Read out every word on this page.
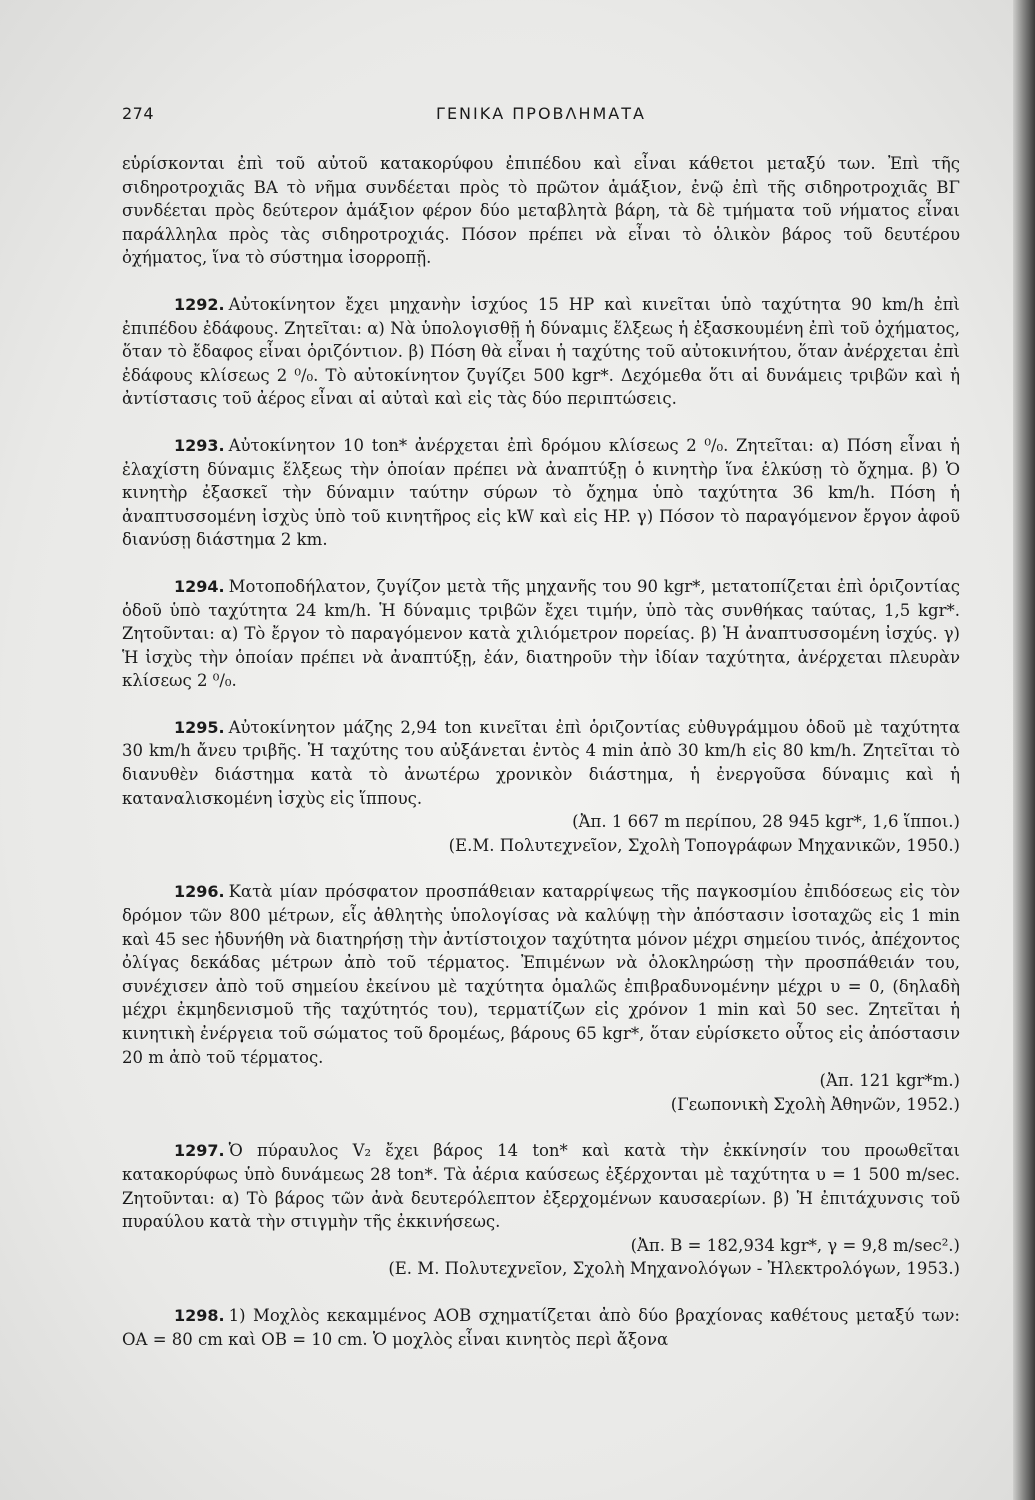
274	ΓΕΝΙΚΑ ΠΡΟΒΛΗΜΑΤΑ

εὑρίσκονται ἐπὶ τοῦ αὐτοῦ κατακορύφου ἐπιπέδου καὶ εἶναι κάθετοι μεταξύ των. Ἐπὶ τῆς σιδηροτροχιᾶς ΒΑ τὸ νῆμα συνδέεται πρὸς τὸ πρῶτον ἁμάξιον, ἐνῷ ἐπὶ τῆς σιδηροτροχιᾶς ΒΓ συνδέεται πρὸς δεύτερον ἁμάξιον φέρον δύο μεταβλητὰ βάρη, τὰ δὲ τμήματα τοῦ νήματος εἶναι παράλληλα πρὸς τὰς σιδηροτροχιάς. Πόσον πρέπει νὰ εἶναι τὸ ὁλικὸν βάρος τοῦ δευτέρου ὀχήματος, ἵνα τὸ σύστημα ἰσορροπῇ.

1292. Αὐτοκίνητον ἔχει μηχανὴν ἰσχύος 15 HP καὶ κινεῖται ὑπὸ ταχύτητα 90 km/h ἐπὶ ἐπιπέδου ἐδάφους. Ζητεῖται: α) Νὰ ὑπολογισθῇ ἡ δύναμις ἕλξεως ἡ ἐξασκουμένη ἐπὶ τοῦ ὀχήματος, ὅταν τὸ ἔδαφος εἶναι ὁριζόντιον. β) Πόση θὰ εἶναι ἡ ταχύτης τοῦ αὐτοκινήτου, ὅταν ἀνέρχεται ἐπὶ ἐδάφους κλίσεως 2 ⁰/₀. Τὸ αὐτοκίνητον ζυγίζει 500 kgr*. Δεχόμεθα ὅτι αἱ δυνάμεις τριβῶν καὶ ἡ ἀντίστασις τοῦ ἀέρος εἶναι αἱ αὐταὶ καὶ εἰς τὰς δύο περιπτώσεις.

1293. Αὐτοκίνητον 10 ton* ἀνέρχεται ἐπὶ δρόμου κλίσεως 2 ⁰/₀. Ζητεῖται: α) Πόση εἶναι ἡ ἐλαχίστη δύναμις ἕλξεως τὴν ὁποίαν πρέπει νὰ ἀναπτύξῃ ὁ κινητὴρ ἵνα ἑλκύσῃ τὸ ὄχημα. β) Ὁ κινητὴρ ἐξασκεῖ τὴν δύναμιν ταύτην σύρων τὸ ὄχημα ὑπὸ ταχύτητα 36 km/h. Πόση ἡ ἀναπτυσσομένη ἰσχὺς ὑπὸ τοῦ κινητῆρος εἰς kW καὶ εἰς HP. γ) Πόσον τὸ παραγόμενον ἔργον ἀφοῦ διανύσῃ διάστημα 2 km.

1294. Μοτοποδήλατον, ζυγίζον μετὰ τῆς μηχανῆς του 90 kgr*, μετατοπίζεται ἐπὶ ὁριζοντίας ὁδοῦ ὑπὸ ταχύτητα 24 km/h. Ἡ δύναμις τριβῶν ἔχει τιμήν, ὑπὸ τὰς συνθήκας ταύτας, 1,5 kgr*. Ζητοῦνται: α) Τὸ ἔργον τὸ παραγόμενον κατὰ χιλιόμετρον πορείας. β) Ἡ ἀναπτυσσομένη ἰσχύς. γ) Ἡ ἰσχὺς τὴν ὁποίαν πρέπει νὰ ἀναπτύξῃ, ἐάν, διατηροῦν τὴν ἰδίαν ταχύτητα, ἀνέρχεται πλευρὰν κλίσεως 2 ⁰/₀.

1295. Αὐτοκίνητον μάζης 2,94 ton κινεῖται ἐπὶ ὁριζοντίας εὐθυγράμμου ὁδοῦ μὲ ταχύτητα 30 km/h ἄνευ τριβῆς. Ἡ ταχύτης του αὐξάνεται ἐντὸς 4 min ἀπὸ 30 km/h εἰς 80 km/h. Ζητεῖται τὸ διανυθὲν διάστημα κατὰ τὸ ἀνωτέρω χρονικὸν διάστημα, ἡ ἐνεργοῦσα δύναμις καὶ ἡ καταναλισκομένη ἰσχὺς εἰς ἵππους.

(Ἀπ. 1 667 m περίπου, 28 945 kgr*, 1,6 ἵπποι.)

(Ε.Μ. Πολυτεχνεῖον, Σχολὴ Τοπογράφων Μηχανικῶν, 1950.)

1296. Κατὰ μίαν πρόσφατον προσπάθειαν καταρρίψεως τῆς παγκοσμίου ἐπιδόσεως εἰς τὸν δρόμον τῶν 800 μέτρων, εἷς ἀθλητὴς ὑπολογίσας νὰ καλύψῃ τὴν ἀπόστασιν ἰσοταχῶς εἰς 1 min καὶ 45 sec ἠδυνήθη νὰ διατηρήσῃ τὴν ἀντίστοιχον ταχύτητα μόνον μέχρι σημείου τινός, ἀπέχοντος ὀλίγας δεκάδας μέτρων ἀπὸ τοῦ τέρματος. Ἐπιμένων νὰ ὁλοκληρώσῃ τὴν προσπάθειάν του, συνέχισεν ἀπὸ τοῦ σημείου ἐκείνου μὲ ταχύτητα ὁμαλῶς ἐπιβραδυνομένην μέχρι υ = 0, (δηλαδὴ μέχρι ἐκμηδενισμοῦ τῆς ταχύτητός του), τερματίζων εἰς χρόνον 1 min καὶ 50 sec. Ζητεῖται ἡ κινητικὴ ἐνέργεια τοῦ σώματος τοῦ δρομέως, βάρους 65 kgr*, ὅταν εὑρίσκετο οὗτος εἰς ἀπόστασιν 20 m ἀπὸ τοῦ τέρματος.

(Ἀπ. 121 kgr*m.)

(Γεωπονικὴ Σχολὴ Ἀθηνῶν, 1952.)

1297. Ὁ πύραυλος V₂ ἔχει βάρος 14 ton* καὶ κατὰ τὴν ἐκκίνησίν του προωθεῖται κατακορύφως ὑπὸ δυνάμεως 28 ton*. Τὰ ἀέρια καύσεως ἐξέρχονται μὲ ταχύτητα υ = 1 500 m/sec. Ζητοῦνται: α) Τὸ βάρος τῶν ἀνὰ δευτερόλεπτον ἐξερχομένων καυσαερίων. β) Ἡ ἐπιτάχυνσις τοῦ πυραύλου κατὰ τὴν στιγμὴν τῆς ἐκκινήσεως.

(Ἀπ. Β = 182,934 kgr*, γ = 9,8 m/sec².)

(Ε. Μ. Πολυτεχνεῖον, Σχολὴ Μηχανολόγων - Ἠλεκτρολόγων, 1953.)

1298. 1) Μοχλὸς κεκαμμένος ΑΟΒ σχηματίζεται ἀπὸ δύο βραχίονας καθέτους μεταξύ των: ΟΑ = 80 cm καὶ ΟΒ = 10 cm. Ὁ μοχλὸς εἶναι κινητὸς περὶ ἄξονα
